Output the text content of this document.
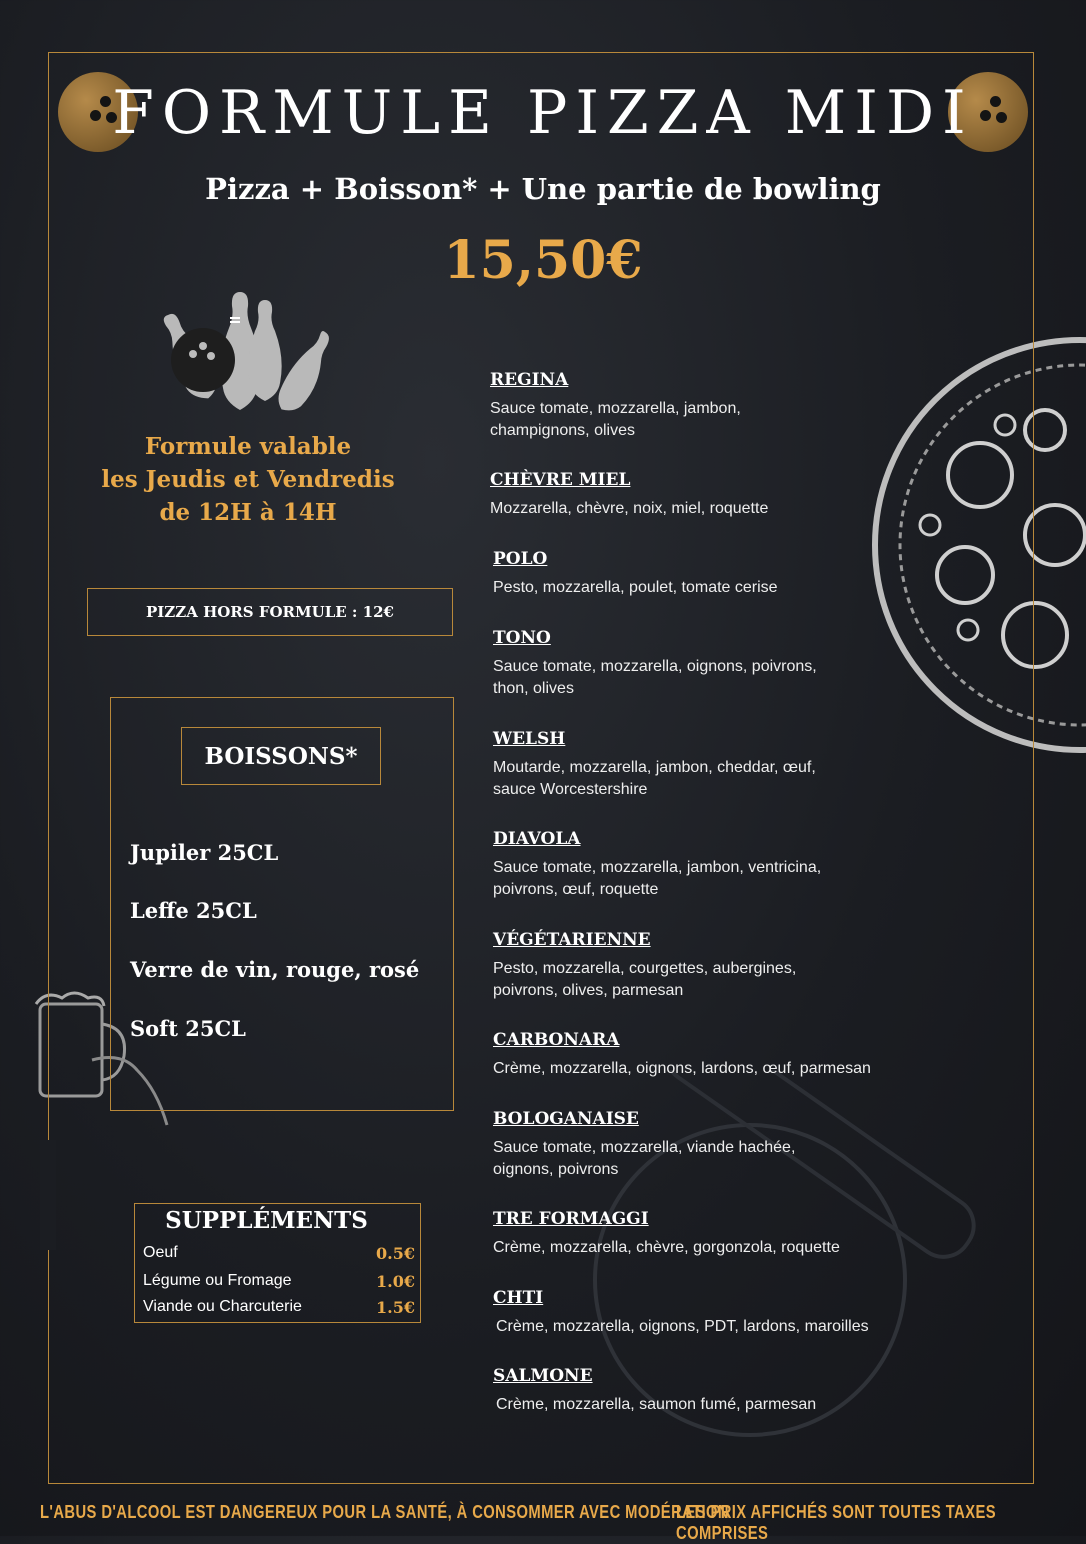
FORMULE PIZZA MIDI
Pizza + Boisson* + Une partie de bowling
15,50€
Formule valable
les Jeudis et Vendredis
de 12H à 14H
PIZZA HORS FORMULE : 12€
BOISSONS*
Jupiler 25CL
Leffe 25CL
Verre de vin, rouge, rosé
Soft 25CL
SUPPLÉMENTS
Oeuf	0.5€
Légume ou Fromage	1.0€
Viande ou Charcuterie	1.5€
REGINA
Sauce tomate, mozzarella, jambon,
champignons, olives
CHÈVRE MIEL
Mozzarella, chèvre, noix, miel, roquette
POLO
Pesto, mozzarella, poulet, tomate cerise
TONO
Sauce tomate, mozzarella, oignons, poivrons,
thon, olives
WELSH
Moutarde, mozzarella, jambon, cheddar, œuf,
sauce Worcestershire
DIAVOLA
Sauce tomate, mozzarella, jambon, ventricina,
poivrons, œuf, roquette
VÉGÉTARIENNE
Pesto, mozzarella, courgettes, aubergines,
poivrons, olives, parmesan
CARBONARA
Crème, mozzarella, oignons, lardons, œuf, parmesan
BOLOGANAISE
Sauce tomate, mozzarella, viande hachée,
oignons, poivrons
TRE FORMAGGI
Crème, mozzarella, chèvre, gorgonzola, roquette
CHTI
Crème, mozzarella, oignons, PDT, lardons, maroilles
SALMONE
Crème, mozzarella, saumon fumé, parmesan
L'ABUS D'ALCOOL EST DANGEREUX POUR LA SANTÉ, À CONSOMMER AVEC MODÉRATION
LES PRIX AFFICHÉS SONT TOUTES TAXES COMPRISES
